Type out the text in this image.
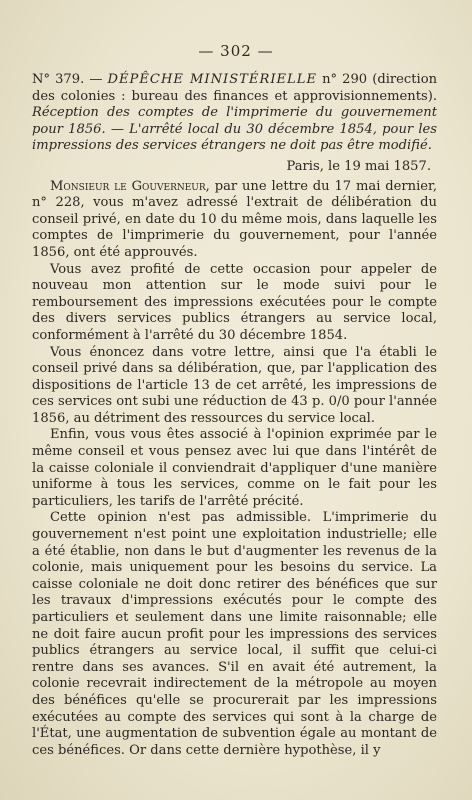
— 302 —

N° 379. — DÉPÊCHE MINISTÉRIELLE n° 290 (direction des colonies : bureau des finances et approvisionnements). Réception des comptes de l'imprimerie du gouvernement pour 1856. — L'arrêté local du 30 décembre 1854, pour les impressions des services étrangers ne doit pas être modifié.

Paris, le 19 mai 1857.

Monsieur le Gouverneur, par une lettre du 17 mai dernier, n° 228, vous m'avez adressé l'extrait de délibération du conseil privé, en date du 10 du même mois, dans laquelle les comptes de l'imprimerie du gouvernement, pour l'année 1856, ont été approuvés.

Vous avez profité de cette occasion pour appeler de nouveau mon attention sur le mode suivi pour le remboursement des impressions exécutées pour le compte des divers services publics étrangers au service local, conformément à l'arrêté du 30 décembre 1854.

Vous énoncez dans votre lettre, ainsi que l'a établi le conseil privé dans sa délibération, que, par l'application des dispositions de l'article 13 de cet arrêté, les impressions de ces services ont subi une réduction de 43 p. 0/0 pour l'année 1856, au détriment des ressources du service local.

Enfin, vous vous êtes associé à l'opinion exprimée par le même conseil et vous pensez avec lui que dans l'intérêt de la caisse coloniale il conviendrait d'appliquer d'une manière uniforme à tous les services, comme on le fait pour les particuliers, les tarifs de l'arrêté précité.

Cette opinion n'est pas admissible. L'imprimerie du gouvernement n'est point une exploitation industrielle; elle a été établie, non dans le but d'augmenter les revenus de la colonie, mais uniquement pour les besoins du service. La caisse coloniale ne doit donc retirer des bénéfices que sur les travaux d'impressions exécutés pour le compte des particuliers et seulement dans une limite raisonnable; elle ne doit faire aucun profit pour les impressions des services publics étrangers au service local, il suffit que celui-ci rentre dans ses avances. S'il en avait été autrement, la colonie recevrait indirectement de la métropole au moyen des bénéfices qu'elle se procurerait par les impressions exécutées au compte des services qui sont à la charge de l'État, une augmentation de subvention égale au montant de ces bénéfices. Or dans cette dernière hypothèse, il y
